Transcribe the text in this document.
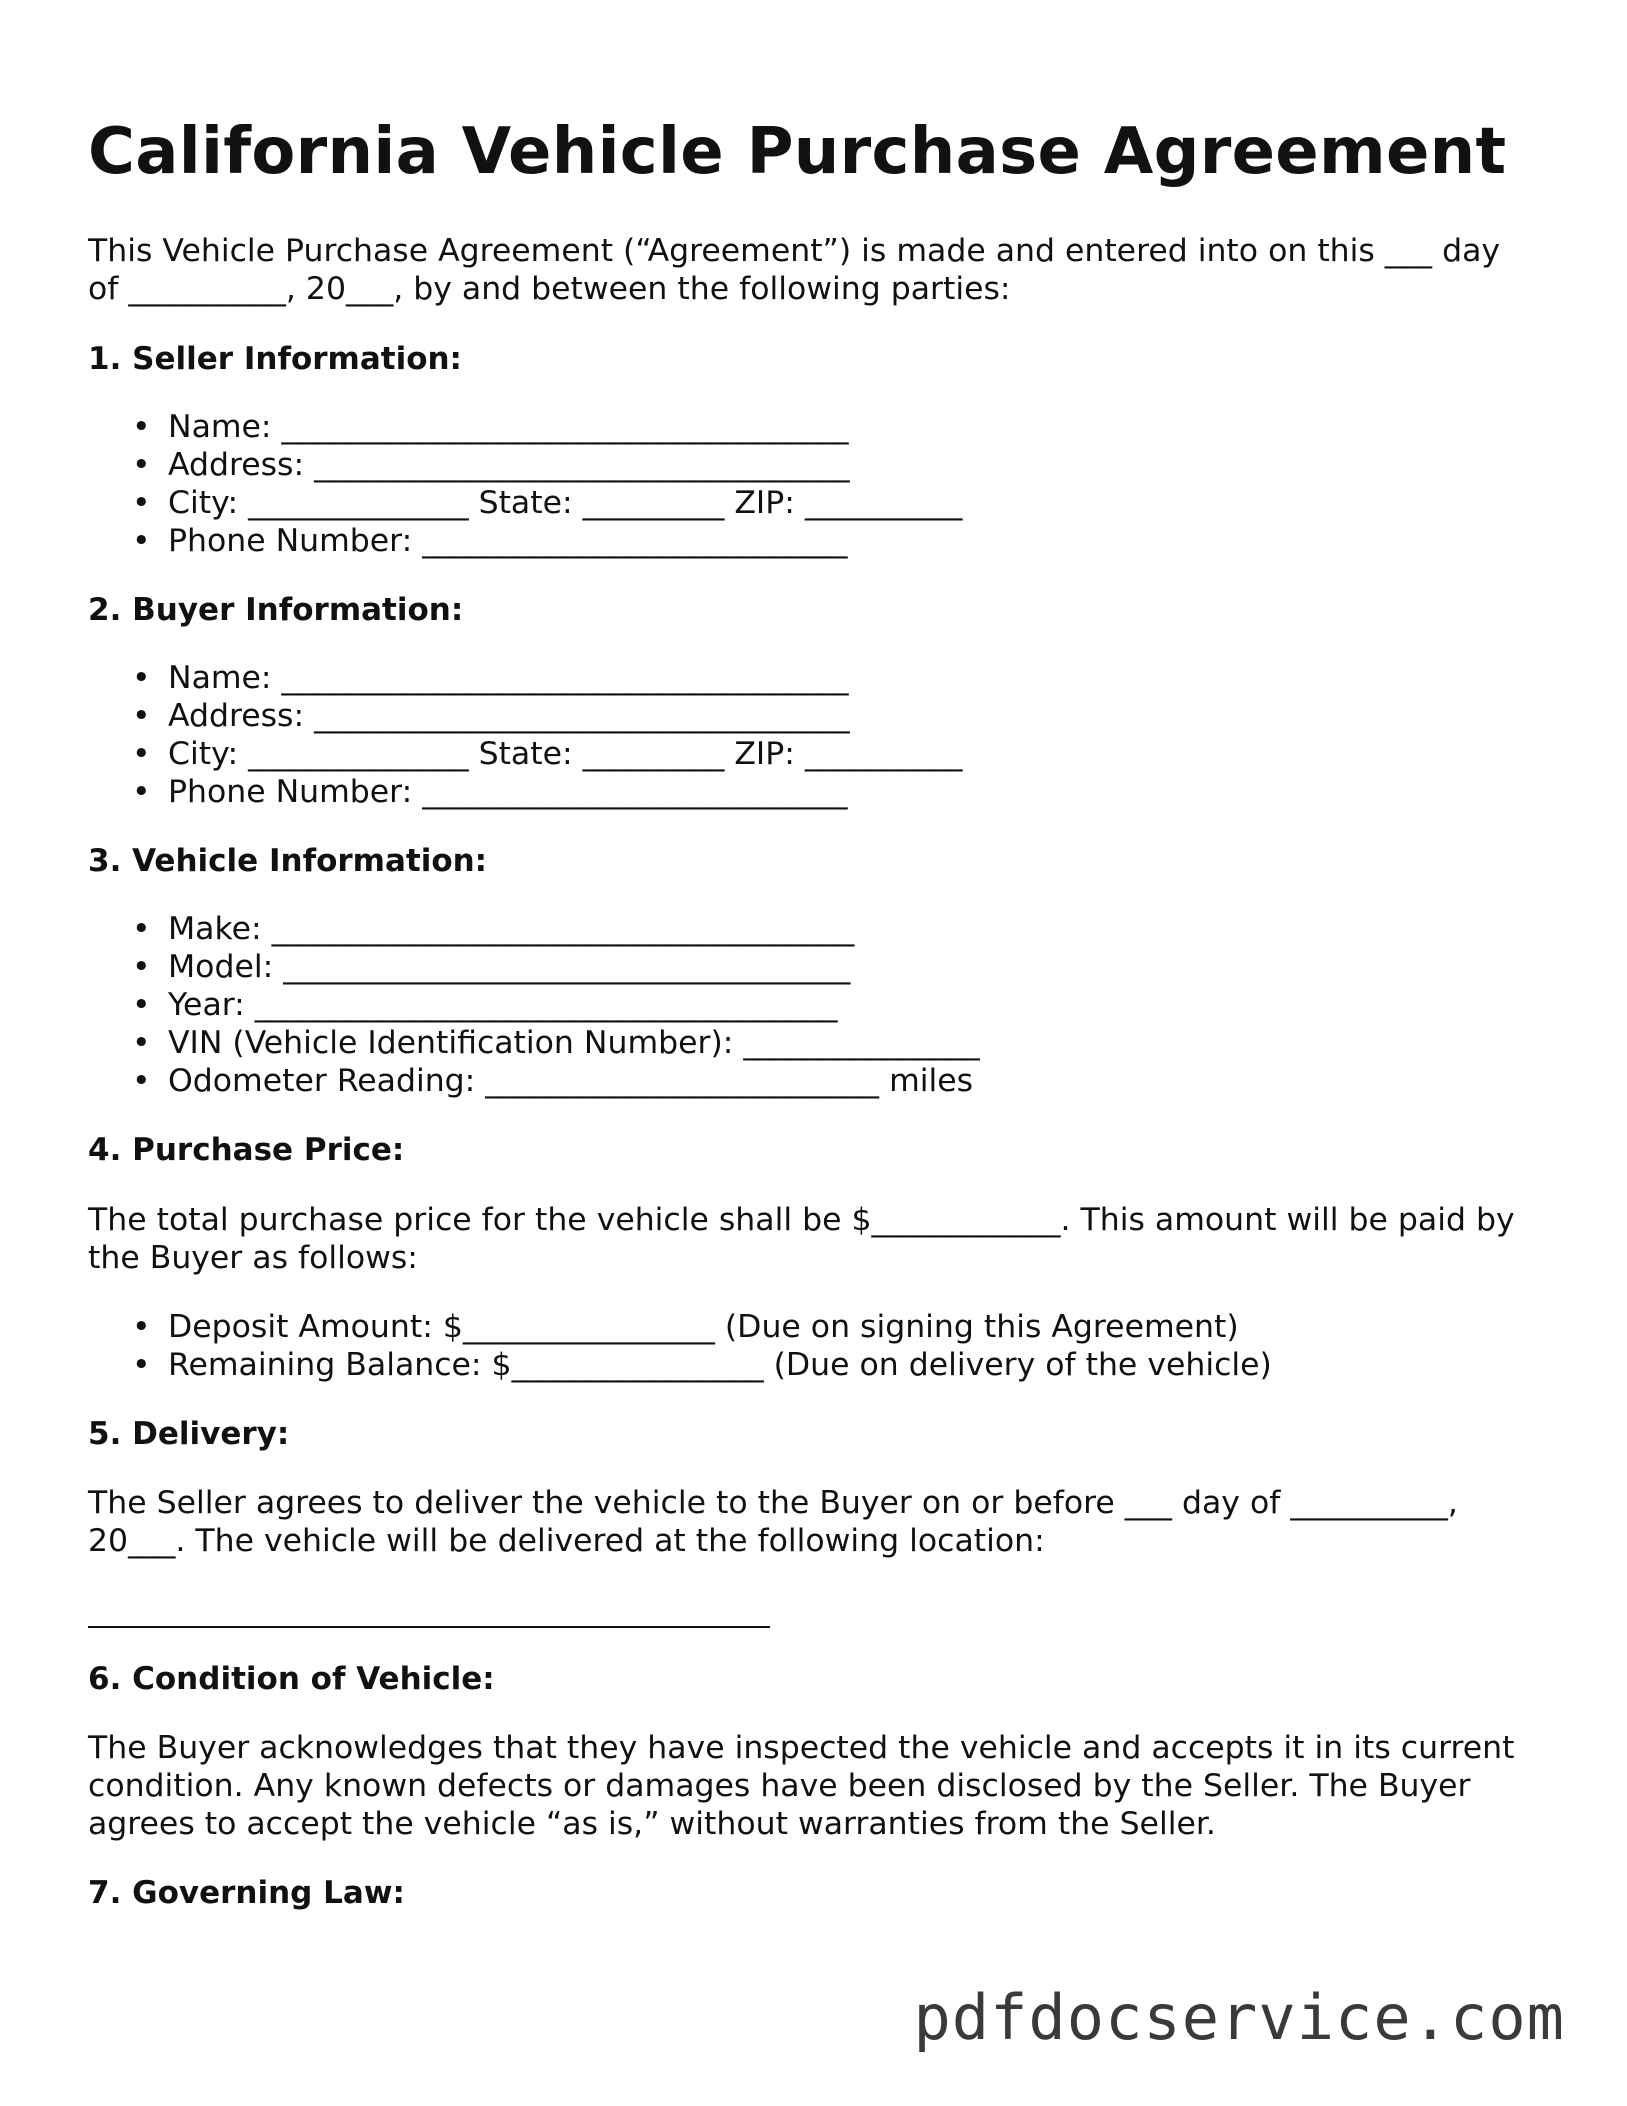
California Vehicle Purchase Agreement

This Vehicle Purchase Agreement (“Agreement”) is made and entered into on this ___ day

of __________, 20___, by and between the following parties:

1. Seller Information:

• Name: ____________________________________
• Address: __________________________________
• City: ______________ State: _________ ZIP: __________
• Phone Number: ___________________________

2. Buyer Information:

• Name: ____________________________________
• Address: __________________________________
• City: ______________ State: _________ ZIP: __________
• Phone Number: ___________________________

3. Vehicle Information:

• Make: _____________________________________
• Model: ____________________________________
• Year: _____________________________________
• VIN (Vehicle Identification Number): _______________
• Odometer Reading: _________________________ miles

4. Purchase Price:

The total purchase price for the vehicle shall be $____________. This amount will be paid by

the Buyer as follows:

• Deposit Amount: $________________ (Due on signing this Agreement)
• Remaining Balance: $________________ (Due on delivery of the vehicle)

5. Delivery:

The Seller agrees to deliver the vehicle to the Buyer on or before ___ day of __________,

20___. The vehicle will be delivered at the following location:

6. Condition of Vehicle:

The Buyer acknowledges that they have inspected the vehicle and accepts it in its current

condition. Any known defects or damages have been disclosed by the Seller. The Buyer

agrees to accept the vehicle “as is,” without warranties from the Seller.

7. Governing Law:

pdfdocservice.com
